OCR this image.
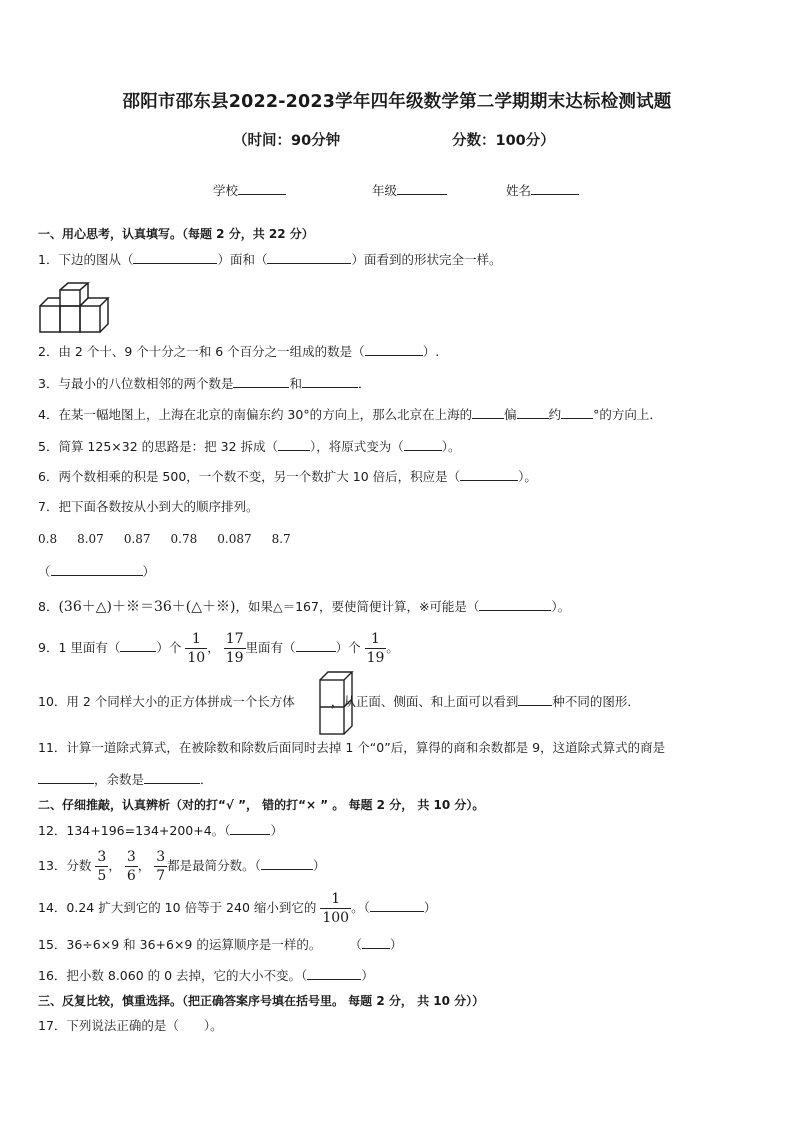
邵阳市邵东县2022-2023学年四年级数学第二学期期末达标检测试题
（时间：90分钟	分数：100分）
学校	年级	姓名
一、用心思考，认真填写。（每题 2 分，共 22 分）
1．下边的图从（	）面和（	）面看到的形状完全一样。
2．由 2 个十、9 个十分之一和 6 个百分之一组成的数是（	）.
3．与最小的八位数相邻的两个数是	和	．
4．在某一幅地图上，上海在北京的南偏东约 30°的方向上，那么北京在上海的	偏	约	°的方向上．
5．简算 125×32 的思路是：把 32 拆成（	），将原式变为（	）。
6．两个数相乘的积是 500，一个数不变，另一个数扩大 10 倍后，积应是（	）。
7．把下面各数按从小到大的顺序排列。
0.8 8.07 0.87 0.78 0.087 8.7
（	）
8．(36＋△)＋※＝36＋(△＋※)，如果△＝167，要使简便计算，※可能是（	）。
9．1 里面有（	）个 $\frac{1}{10}$ ， $\frac{17}{19}$ 里面有（	）个 $\frac{1}{19}$ 。
10．用 2 个同样大小的正方体拼成一个长方体	，从正面、侧面、和上面可以看到	种不同的图形．
11．计算一道除式算式，在被除数和除数后面同时去掉 1 个“0”后，算得的商和余数都是 9，这道除式算式的商是
，余数是	．
二、仔细推敲，认真辨析（对的打“√ ”， 错的打“× ” 。 每题 2 分， 共 10 分）。
12．134+196=134+200+4。（	）
13．分数 $\frac{3}{5}$ ， $\frac{3}{6}$ ， $\frac{3}{7}$ 都是最简分数。（	）
14．0.24 扩大到它的 10 倍等于 240 缩小到它的 $\frac{1}{100}$ 。（	）
15．36÷6×9 和 36+6×9 的运算顺序是一样的。 （ ）
16．把小数 8.060 的 0 去掉，它的大小不变。（	）
三、反复比较，慎重选择。（把正确答案序号填在括号里。 每题 2 分， 共 10 分））
17．下列说法正确的是（　　）。
